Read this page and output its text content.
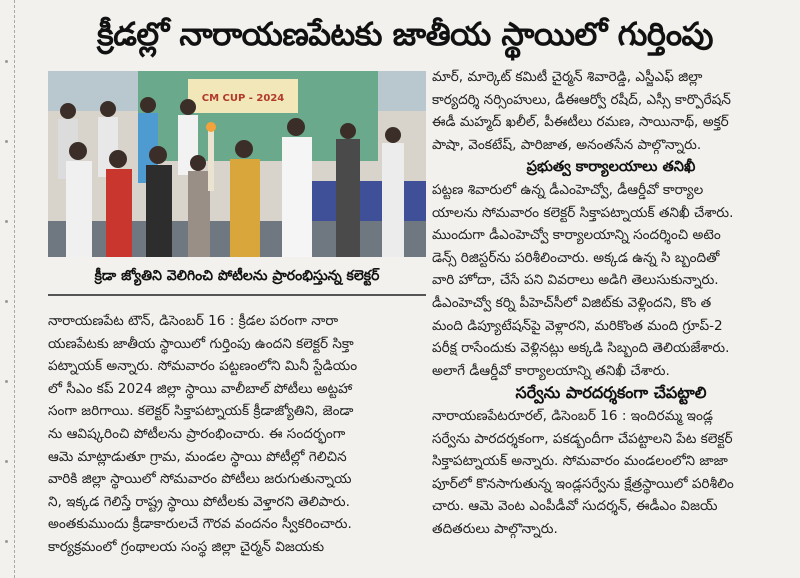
క్రీడల్లో నారాయణపేటకు జాతీయ స్థాయిలో గుర్తింపు
CM CUP - 2024
క్రీడా జ్యోతిని వెలిగించి పోటీలను ప్రారంభిస్తున్న కలెక్టర్

నారాయణపేట టౌన్, డిసెంబర్ 16 : క్రీడల పరంగా నారా

యణపేటకు జాతీయ స్థాయిలో గుర్తింపు ఉందని కలెక్టర్ సిక్తా

పట్నాయక్ అన్నారు. సోమవారం పట్టణంలోని మినీ స్టేడియం

లో సీఎం కప్ 2024 జిల్లా స్థాయి వాలీబాల్ పోటీలు అట్టహా

సంగా జరిగాయి. కలెక్టర్ సిక్తాపట్నాయక్ క్రీడాజ్యోతిని, జెండా

ను ఆవిష్కరించి పోటీలను ప్రారంభించారు. ఈ సందర్భంగా

ఆమె మాట్లాడుతూ గ్రామ, మండల స్థాయి పోటీల్లో గెలిచిన

వారికి జిల్లా స్థాయిలో సోమవారం పోటీలు జరుగుతున్నాయ

ని, ఇక్కడ గెలిస్తే రాష్ట్ర స్థాయి పోటీలకు వెళ్తారని తెలిపారు.

అంతకుముందు క్రీడాకారులచే గౌరవ వందనం స్వీకరించారు.

కార్యక్రమంలో గ్రంథాలయ సంస్థ జిల్లా చైర్మన్ విజయకు

మార్, మార్కెట్ కమిటీ చైర్మన్ శివారెడ్డి, ఎస్జీఎఫ్ జిల్లా

కార్యదర్శి నర్సింహులు, డీఈఆర్వో రషీద్, ఎస్సీ కార్పొరేషన్

ఈడీ మహ్మద్ ఖలీల్, పీఈటీలు రమణ, సాయినాథ్, అక్తర్

పాషా, వెంకటేష్, పారిజాత, అనంతసేన పాల్గొన్నారు.

ప్రభుత్వ కార్యాలయాలు తనిఖీ

పట్టణ శివారులో ఉన్న డీఎంహెచ్వో, డీఆర్డీవో కార్యాల

యాలను సోమవారం కలెక్టర్ సిక్తాపట్నాయక్ తనిఖీ చేశారు.

ముందుగా డీఎంహెచ్వో కార్యాలయాన్ని సందర్శించి అటెం

డెన్స్ రిజిస్టర్‌ను పరిశీలించారు. అక్కడ ఉన్న సి బ్బందితో

వారి హోదా, చేసే పని వివరాలు అడిగి తెలుసుకున్నారు.

డీఎంహెచ్వో కర్ని పీహెచ్‌సీలో విజిట్‌కు వెళ్లిందని, కొం త

మంది డిప్యూటేషన్‌పై వెళ్లారని, మరికొంత మంది గ్రూప్-2

పరీక్ష రాసేందుకు వెళ్లినట్లు అక్కడి సిబ్బంది తెలియజేశారు.

అలాగే డీఆర్డీవో కార్యాలయాన్ని తనిఖీ చేశారు.

సర్వేను పారదర్శకంగా చేపట్టాలి

నారాయణపేటరూరల్, డిసెంబర్ 16 : ఇందిరమ్మ ఇండ్ల

సర్వేను పారదర్శకంగా, పకడ్బందీగా చేపట్టాలని పేట కలెక్టర్

సిక్తాపట్నాయక్ అన్నారు. సోమవారం మండలంలోని జాజా

పూర్‌లో కొనసాగుతున్న ఇండ్లసర్వేను క్షేత్రస్థాయిలో పరిశీలిం

చారు. ఆమె వెంట ఎంపీడీవో సుదర్శన్, ఈడీఎం విజయ్

తదితరులు పాల్గొన్నారు.
